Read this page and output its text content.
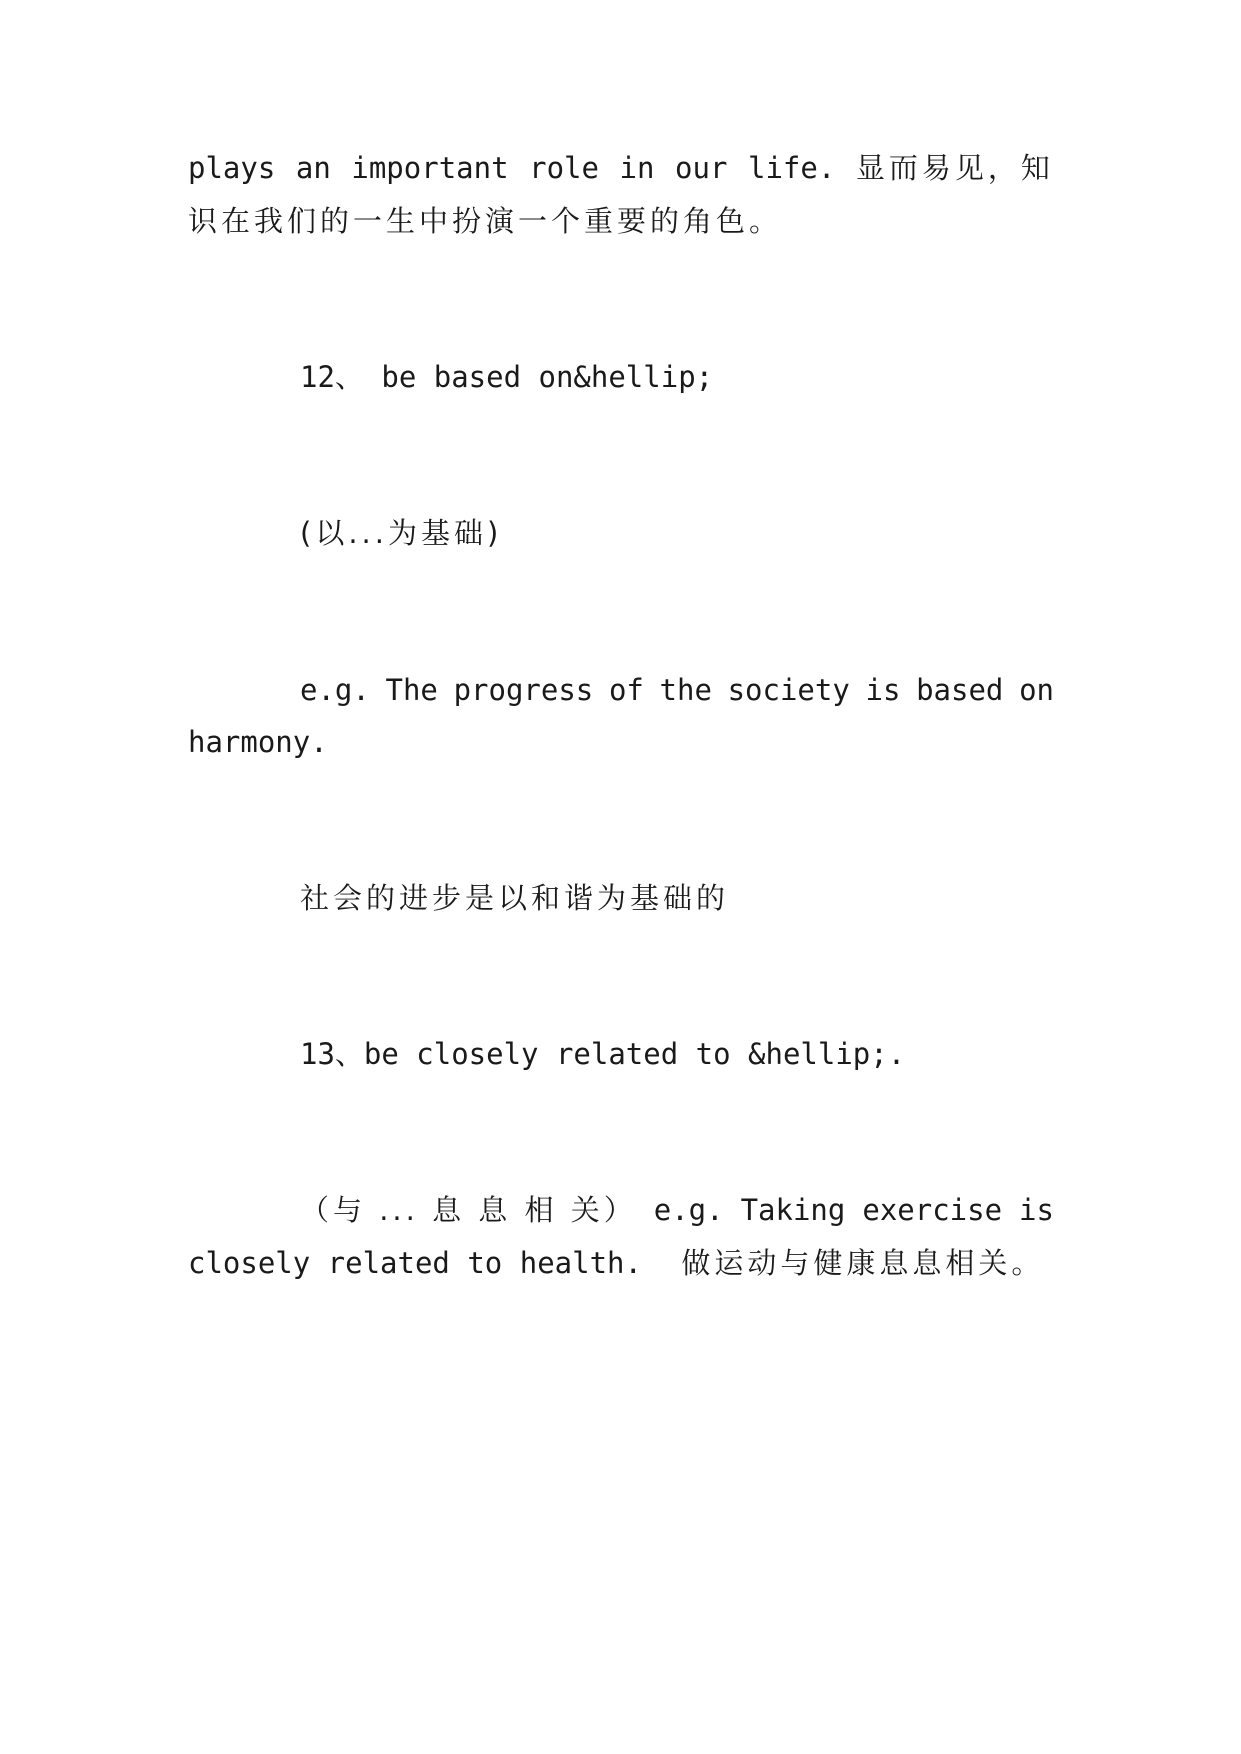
plays an important role in our life. 显而易见，知
识在我们的一生中扮演一个重要的角色。
12、 be based on&hellip;
(以...为基础)
e.g. The progress of the society is based on
harmony.
社会的进步是以和谐为基础的
13、be closely related to &hellip;.
（与 ... 息 息 相 关） e.g. Taking exercise is
closely related to health. 做运动与健康息息相关。
